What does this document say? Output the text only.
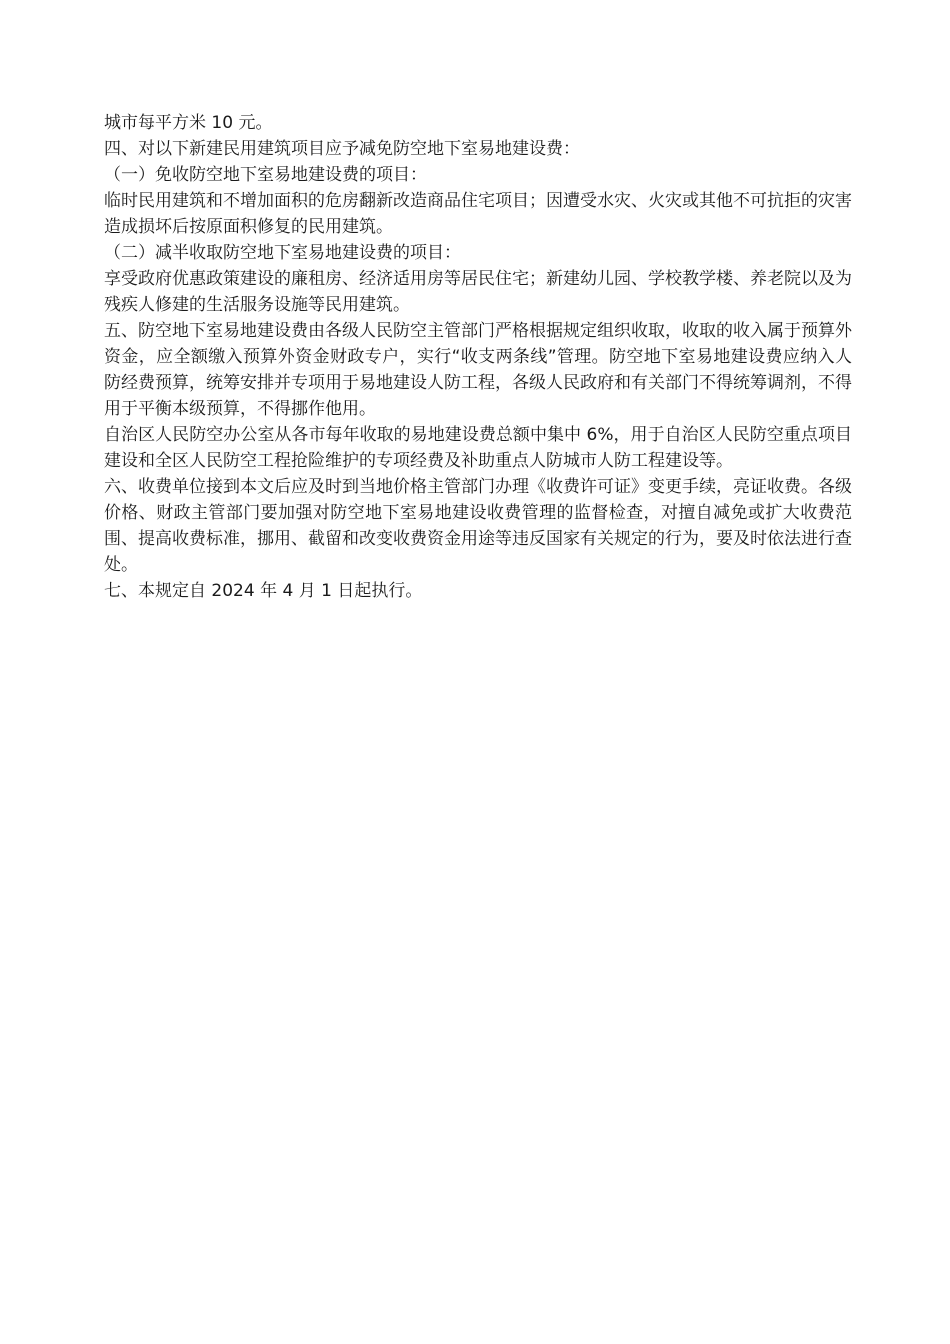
城市每平方米 10 元。

四、对以下新建民用建筑项目应予减免防空地下室易地建设费：

（一）免收防空地下室易地建设费的项目：

临时民用建筑和不增加面积的危房翻新改造商品住宅项目；因遭受水灾、火灾或其他不可抗拒的灾害造成损坏后按原面积修复的民用建筑。

（二）减半收取防空地下室易地建设费的项目：

享受政府优惠政策建设的廉租房、经济适用房等居民住宅；新建幼儿园、学校教学楼、养老院以及为残疾人修建的生活服务设施等民用建筑。

五、防空地下室易地建设费由各级人民防空主管部门严格根据规定组织收取，收取的收入属于预算外资金，应全额缴入预算外资金财政专户，实行“收支两条线”管理。防空地下室易地建设费应纳入人防经费预算，统筹安排并专项用于易地建设人防工程，各级人民政府和有关部门不得统筹调剂，不得用于平衡本级预算，不得挪作他用。

自治区人民防空办公室从各市每年收取的易地建设费总额中集中 6%，用于自治区人民防空重点项目建设和全区人民防空工程抢险维护的专项经费及补助重点人防城市人防工程建设等。

六、收费单位接到本文后应及时到当地价格主管部门办理《收费许可证》变更手续，亮证收费。各级价格、财政主管部门要加强对防空地下室易地建设收费管理的监督检查，对擅自减免或扩大收费范围、提高收费标准，挪用、截留和改变收费资金用途等违反国家有关规定的行为，要及时依法进行查处。

七、本规定自 2024 年 4 月 1 日起执行。
